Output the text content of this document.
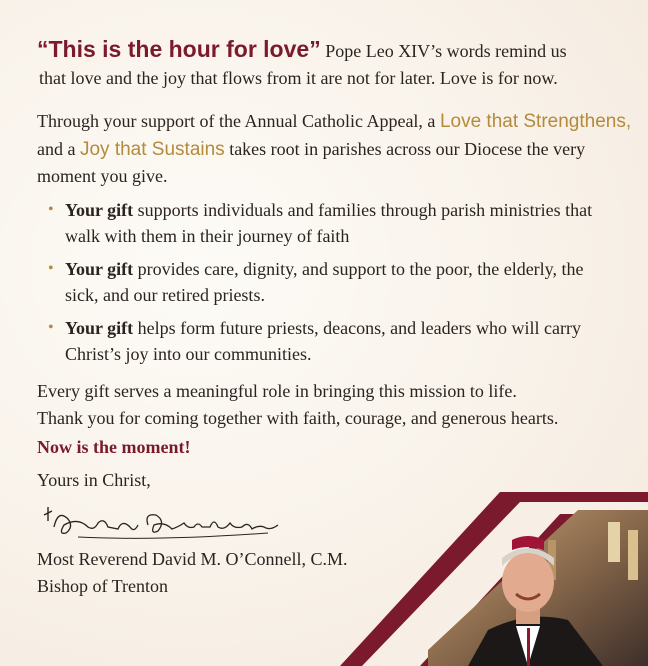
“This is the hour for love” Pope Leo XIV’s words remind us
that love and the joy that flows from it are not for later. Love is for now.
Through your support of the Annual Catholic Appeal, a Love that Strengthens, and a Joy that Sustains takes root in parishes across our Diocese the very moment you give.
• Your gift supports individuals and families through parish ministries that walk with them in their journey of faith
• Your gift provides care, dignity, and support to the poor, the elderly, the sick, and our retired priests.
• Your gift helps form future priests, deacons, and leaders who will carry Christ’s joy into our communities.
Every gift serves a meaningful role in bringing this mission to life.
Thank you for coming together with faith, courage, and generous hearts.
Now is the moment!
Yours in Christ,
Most Reverend David M. O’Connell, C.M.
Bishop of Trenton
